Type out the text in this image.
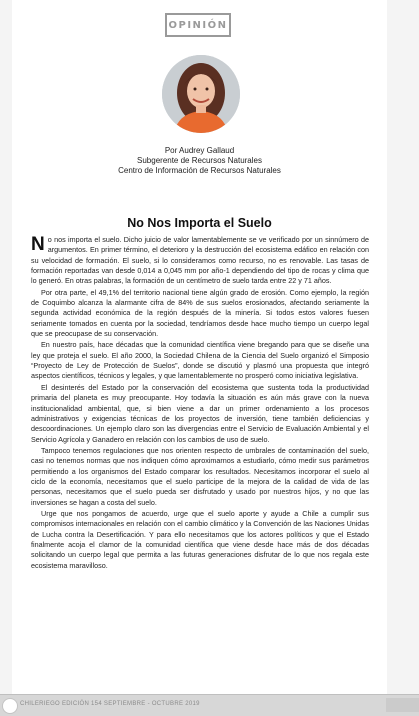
OPINIÓN
Por Audrey Gallaud
Subgerente de Recursos Naturales
Centro de Información de Recursos Naturales
No Nos Importa el Suelo

No nos importa el suelo. Dicho juicio de valor lamentablemente se ve verificado por un sinnúmero de argumentos. En primer término, el deterioro y la destrucción del ecosistema edáfico en relación con su velocidad de formación. El suelo, si lo consideramos como recurso, no es renovable. Las tasas de formación reportadas van desde 0,014 a 0,045 mm por año-1 dependiendo del tipo de rocas y clima que lo generó. En otras palabras, la formación de un centímetro de suelo tarda entre 22 y 71 años.

Por otra parte, el 49,1% del territorio nacional tiene algún grado de erosión. Como ejemplo, la región de Coquimbo alcanza la alarmante cifra de 84% de sus suelos erosionados, afectando seriamente la segunda actividad económica de la región después de la minería. Si todos estos valores fuesen seriamente tomados en cuenta por la sociedad, tendríamos desde hace mucho tiempo un cuerpo legal que se preocupase de su conservación.

En nuestro país, hace décadas que la comunidad científica viene bregando para que se diseñe una ley que proteja el suelo. El año 2000, la Sociedad Chilena de la Ciencia del Suelo organizó el Simposio “Proyecto de Ley de Protección de Suelos”, donde se discutió y plasmó una propuesta que integró aspectos científicos, técnicos y legales, y que lamentablemente no prosperó como iniciativa legislativa.

El desinterés del Estado por la conservación del ecosistema que sustenta toda la productividad primaria del planeta es muy preocupante. Hoy todavía la situación es aún más grave con la nueva institucionalidad ambiental, que, si bien viene a dar un primer ordenamiento a los procesos administrativos y exigencias técnicas de los proyectos de inversión, tiene también deficiencias y descoordinaciones. Un ejemplo claro son las divergencias entre el Servicio de Evaluación Ambiental y el Servicio Agrícola y Ganadero en relación con los cambios de uso de suelo.

Tampoco tenemos regulaciones que nos orienten respecto de umbrales de contaminación del suelo, casi no tenemos normas que nos indiquen cómo aproximarnos a estudiarlo, cómo medir sus parámetros permitiendo a los organismos del Estado comparar los resultados. Necesitamos incorporar el suelo al ciclo de la economía, necesitamos que el suelo participe de la mejora de la calidad de vida de las personas, necesitamos que el suelo pueda ser disfrutado y usado por nuestros hijos, y no que las inversiones se hagan a costa del suelo.

Urge que nos pongamos de acuerdo, urge que el suelo aporte y ayude a Chile a cumplir sus compromisos internacionales en relación con el cambio climático y la Convención de las Naciones Unidas de Lucha contra la Desertificación. Y para ello necesitamos que los actores políticos y que el Estado finalmente acoja el clamor de la comunidad científica que viene desde hace más de dos décadas solicitando un cuerpo legal que permita a las futuras generaciones disfrutar de lo que nos regala este ecosistema maravilloso.

CHILERIEGO EDICIÓN 154 SEPTIEMBRE - OCTUBRE 2019
